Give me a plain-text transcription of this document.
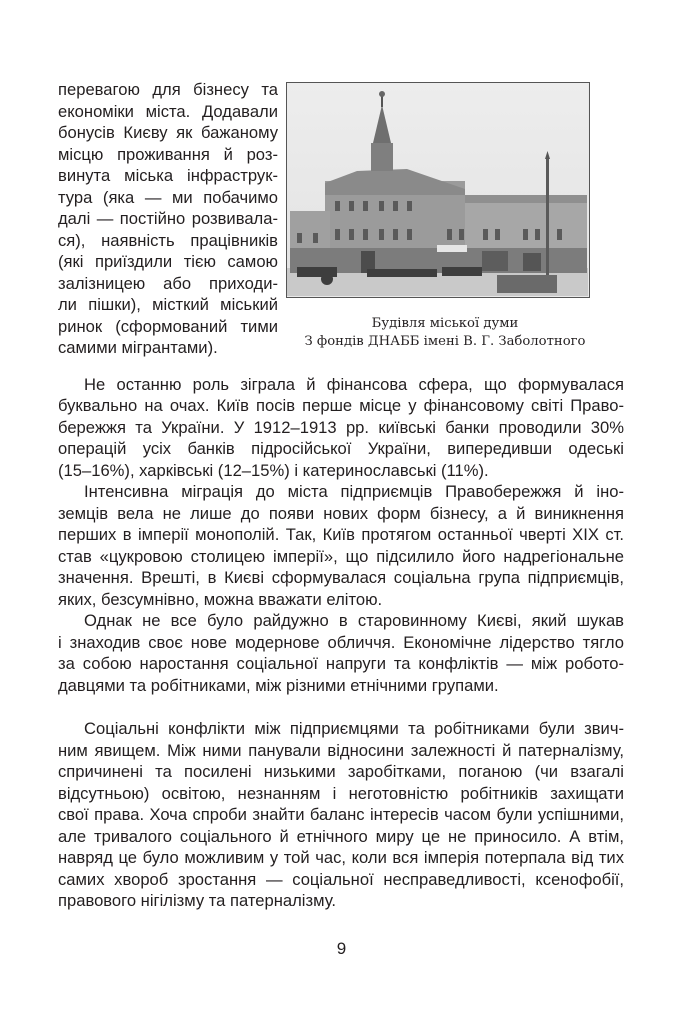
перевагою для бізнесу та
економіки міста. Додавали
бонусів Києву як бажаному
місцю проживання й роз-
винута міська інфраструк-
тура (яка — ми побачимо
далі — постійно розвивала-
ся), наявність працівників
(які приїздили тією самою
залізницею або приходи-
ли пішки), місткий міський
ринок (сформований тими
самими мігрантами).
Будівля міської думи
З фондів ДНАББ імені В. Г. Заболотного
Не останню роль зіграла й фінансова сфера, що формувалася
буквально на очах. Київ посів перше місце у фінансовому світі Право-
бережжя та України. У 1912–1913 рр. київські банки проводили 30%
операцій усіх банків підросійської України, випередивши одеські
(15–16%), харківські (12–15%) і катеринославські (11%).
Інтенсивна міграція до міста підприємців Правобережжя й іно-
земців вела не лише до появи нових форм бізнесу, а й виникнення
перших в імперії монополій. Так, Київ протягом останньої чверті XIX ст.
став «цукровою столицею імперії», що підсилило його надрегіональне
значення. Врешті, в Києві сформувалася соціальна група підприємців,
яких, безсумнівно, можна вважати елітою.
Однак не все було райдужно в старовинному Києві, який шукав
і знаходив своє нове модернове обличчя. Економічне лідерство тягло
за собою наростання соціальної напруги та конфліктів — між робото-
давцями та робітниками, між різними етнічними групами.
Соціальні конфлікти між підприємцями та робітниками були звич-
ним явищем. Між ними панували відносини залежності й патерналізму,
спричинені та посилені низькими заробітками, поганою (чи взагалі
відсутньою) освітою, незнанням і неготовністю робітників захищати
свої права. Хоча спроби знайти баланс інтересів часом були успішними,
але тривалого соціального й етнічного миру це не приносило. А втім,
навряд це було можливим у той час, коли вся імперія потерпала від тих
самих хвороб зростання — соціальної несправедливості, ксенофобії,
правового нігілізму та патерналізму.
9
